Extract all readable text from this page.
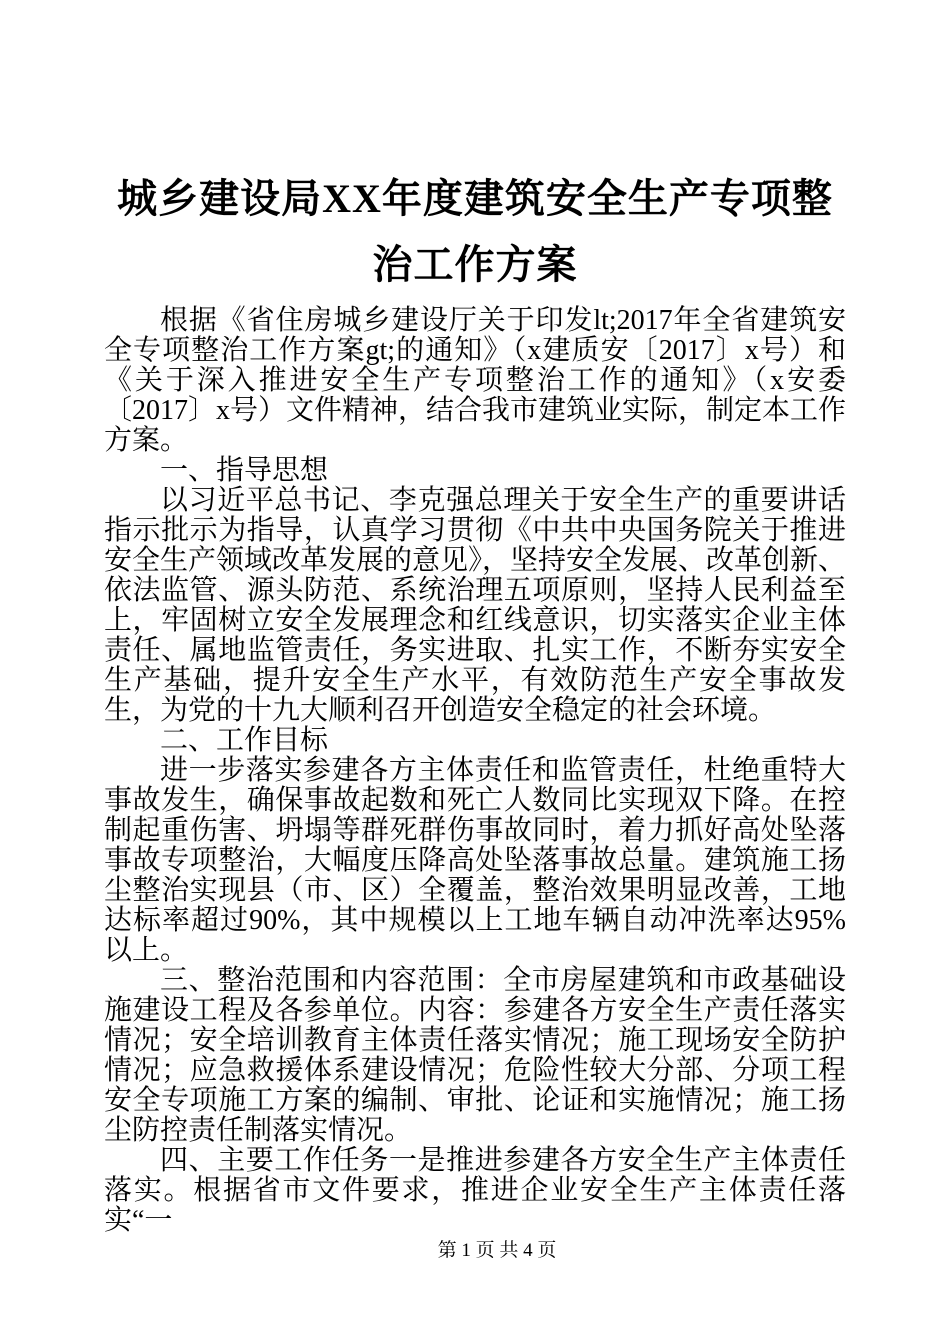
城乡建设局XX年度建筑安全生产专项整治工作方案

根据《省住房城乡建设厅关于印发lt;2017年全省建筑安全专项整治工作方案gt;的通知》（x建质安〔2017〕x号）和《关于深入推进安全生产专项整治工作的通知》（x安委〔2017〕x号）文件精神，结合我市建筑业实际，制定本工作方案。

一、指导思想

以习近平总书记、李克强总理关于安全生产的重要讲话指示批示为指导，认真学习贯彻《中共中央国务院关于推进安全生产领域改革发展的意见》，坚持安全发展、改革创新、依法监管、源头防范、系统治理五项原则，坚持人民利益至上，牢固树立安全发展理念和红线意识，切实落实企业主体责任、属地监管责任，务实进取、扎实工作，不断夯实安全生产基础，提升安全生产水平，有效防范生产安全事故发生，为党的十九大顺利召开创造安全稳定的社会环境。

二、工作目标

进一步落实参建各方主体责任和监管责任，杜绝重特大事故发生，确保事故起数和死亡人数同比实现双下降。在控制起重伤害、坍塌等群死群伤事故同时，着力抓好高处坠落事故专项整治，大幅度压降高处坠落事故总量。建筑施工扬尘整治实现县（市、区）全覆盖，整治效果明显改善，工地达标率超过90%，其中规模以上工地车辆自动冲洗率达95%以上。

三、整治范围和内容范围：全市房屋建筑和市政基础设施建设工程及各参单位。内容：参建各方安全生产责任落实情况；安全培训教育主体责任落实情况；施工现场安全防护情况；应急救援体系建设情况；危险性较大分部、分项工程安全专项施工方案的编制、审批、论证和实施情况；施工扬尘防控责任制落实情况。

四、主要工作任务一是推进参建各方安全生产主体责任落实。根据省市文件要求，推进企业安全生产主体责任落实“一

第 1 页 共 4 页
